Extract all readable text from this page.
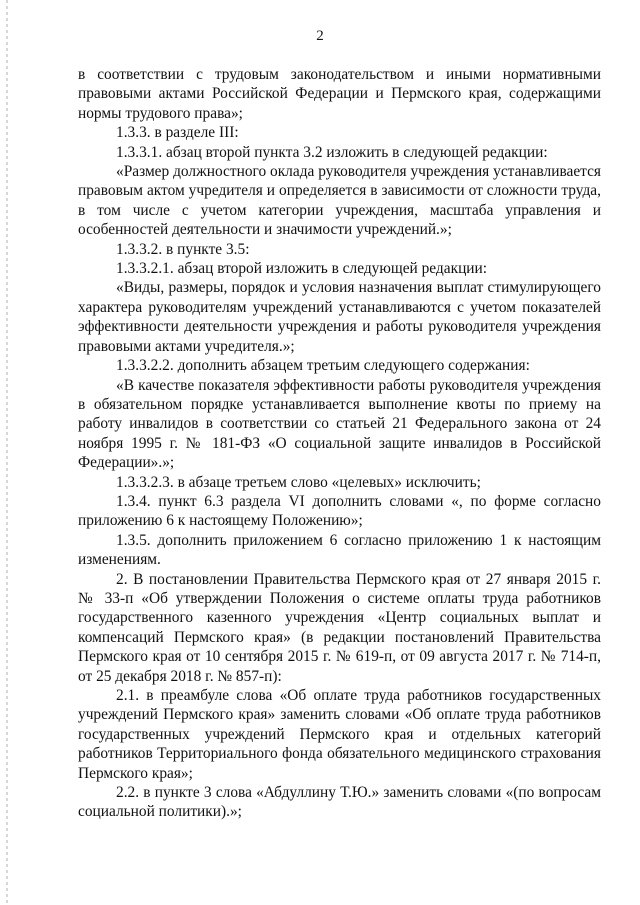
2

в соответствии с трудовым законодательством и иными нормативными правовыми актами Российской Федерации и Пермского края, содержащими нормы трудового права»;

1.3.3. в разделе III:

1.3.3.1. абзац второй пункта 3.2 изложить в следующей редакции:

«Размер должностного оклада руководителя учреждения устанавливается правовым актом учредителя и определяется в зависимости от сложности труда, в том числе с учетом категории учреждения, масштаба управления и особенностей деятельности и значимости учреждений.»;

1.3.3.2. в пункте 3.5:

1.3.3.2.1. абзац второй изложить в следующей редакции:

«Виды, размеры, порядок и условия назначения выплат стимулирующего характера руководителям учреждений устанавливаются с учетом показателей эффективности деятельности учреждения и работы руководителя учреждения правовыми актами учредителя.»;

1.3.3.2.2. дополнить абзацем третьим следующего содержания:

«В качестве показателя эффективности работы руководителя учреждения в обязательном порядке устанавливается выполнение квоты по приему на работу инвалидов в соответствии со статьей 21 Федерального закона от 24 ноября 1995 г. № 181-ФЗ «О социальной защите инвалидов в Российской Федерации».»;

1.3.3.2.3. в абзаце третьем слово «целевых» исключить;

1.3.4. пункт 6.3 раздела VI дополнить словами «, по форме согласно приложению 6 к настоящему Положению»;

1.3.5. дополнить приложением 6 согласно приложению 1 к настоящим изменениям.

2. В постановлении Правительства Пермского края от 27 января 2015 г. № 33-п «Об утверждении Положения о системе оплаты труда работников государственного казенного учреждения «Центр социальных выплат и компенсаций Пермского края» (в редакции постановлений Правительства Пермского края от 10 сентября 2015 г. № 619-п, от 09 августа 2017 г. № 714-п, от 25 декабря 2018 г. № 857-п):

2.1. в преамбуле слова «Об оплате труда работников государственных учреждений Пермского края» заменить словами «Об оплате труда работников государственных учреждений Пермского края и отдельных категорий работников Территориального фонда обязательного медицинского страхования Пермского края»;

2.2. в пункте 3 слова «Абдуллину Т.Ю.» заменить словами «(по вопросам социальной политики).»;
